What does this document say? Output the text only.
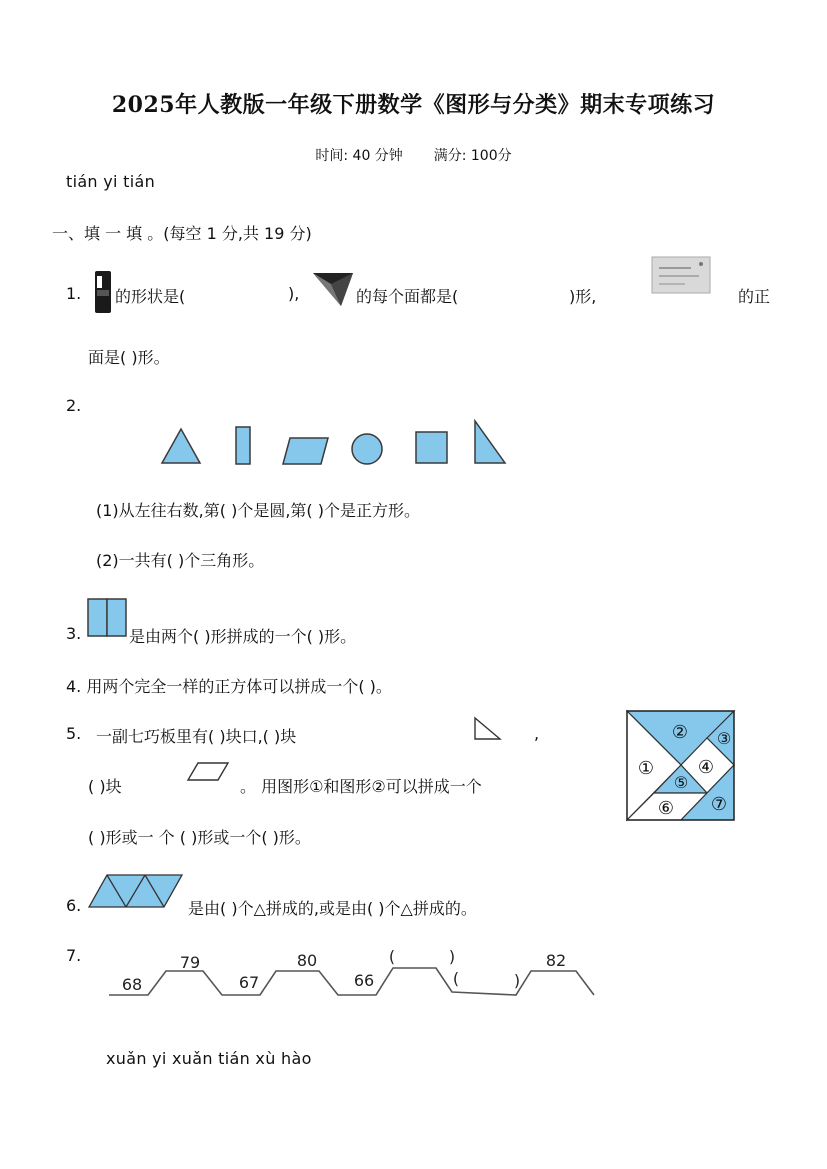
2025年人教版一年级下册数学《图形与分类》期末专项练习
时间: 40 分钟 满分: 100分
tián yi tián
一、填 一 填 。(每空 1 分,共 19 分)
1. 的形状是(	),	的每个面都是(	)形,	的正
面是( )形。
2.
(1)从左往右数,第( )个是圆,第( )个是正方形。
(2)一共有( )个三角形。
3.	是由两个( )形拼成的一个( )形。
4. 用两个完全一样的正方体可以拼成一个( )。
5. 一副七巧板里有( )块口,( )块	,
( )块	。 用图形①和图形②可以拼成一个
( )形或一 个 ( )形或一个( )形。
② ③
① ④
⑤
⑥ ⑦
6.	是由( )个△拼成的,或是由( )个△拼成的。
7.
68
79
67
80
66
(	)
(	)
82
xuǎn yi xuǎn tián xù hào
